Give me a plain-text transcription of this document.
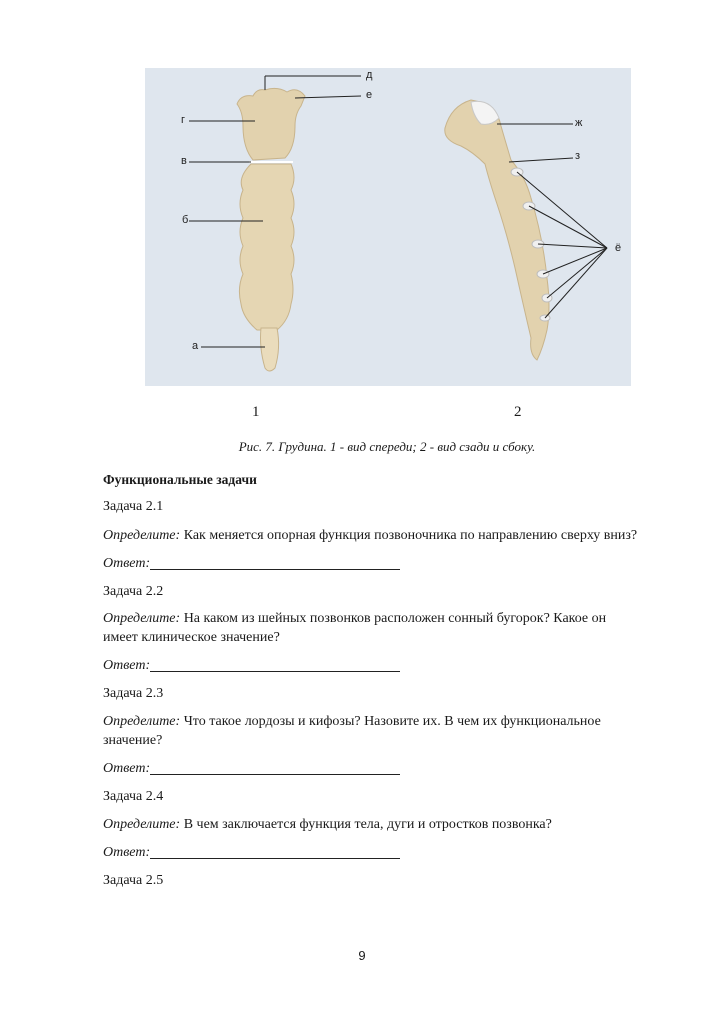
д
е
г
в
б
а
ж
з
ё
1	2
Рис. 7. Грудина. 1 - вид спереди; 2 - вид сзади и сбоку.
Функциональные задачи
Задача 2.1
Определите: Как меняется опорная функция позвоночника по направлению сверху вниз?
Ответ:
Задача 2.2
Определите: На каком из шейных позвонков расположен сонный бугорок? Какое он
имеет клиническое значение?
Ответ:
Задача 2.3
Определите: Что такое лордозы и кифозы? Назовите их. В чем их функциональное
значение?
Ответ:
Задача 2.4
Определите: В чем заключается функция тела, дуги и отростков позвонка?
Ответ:
Задача 2.5
9
